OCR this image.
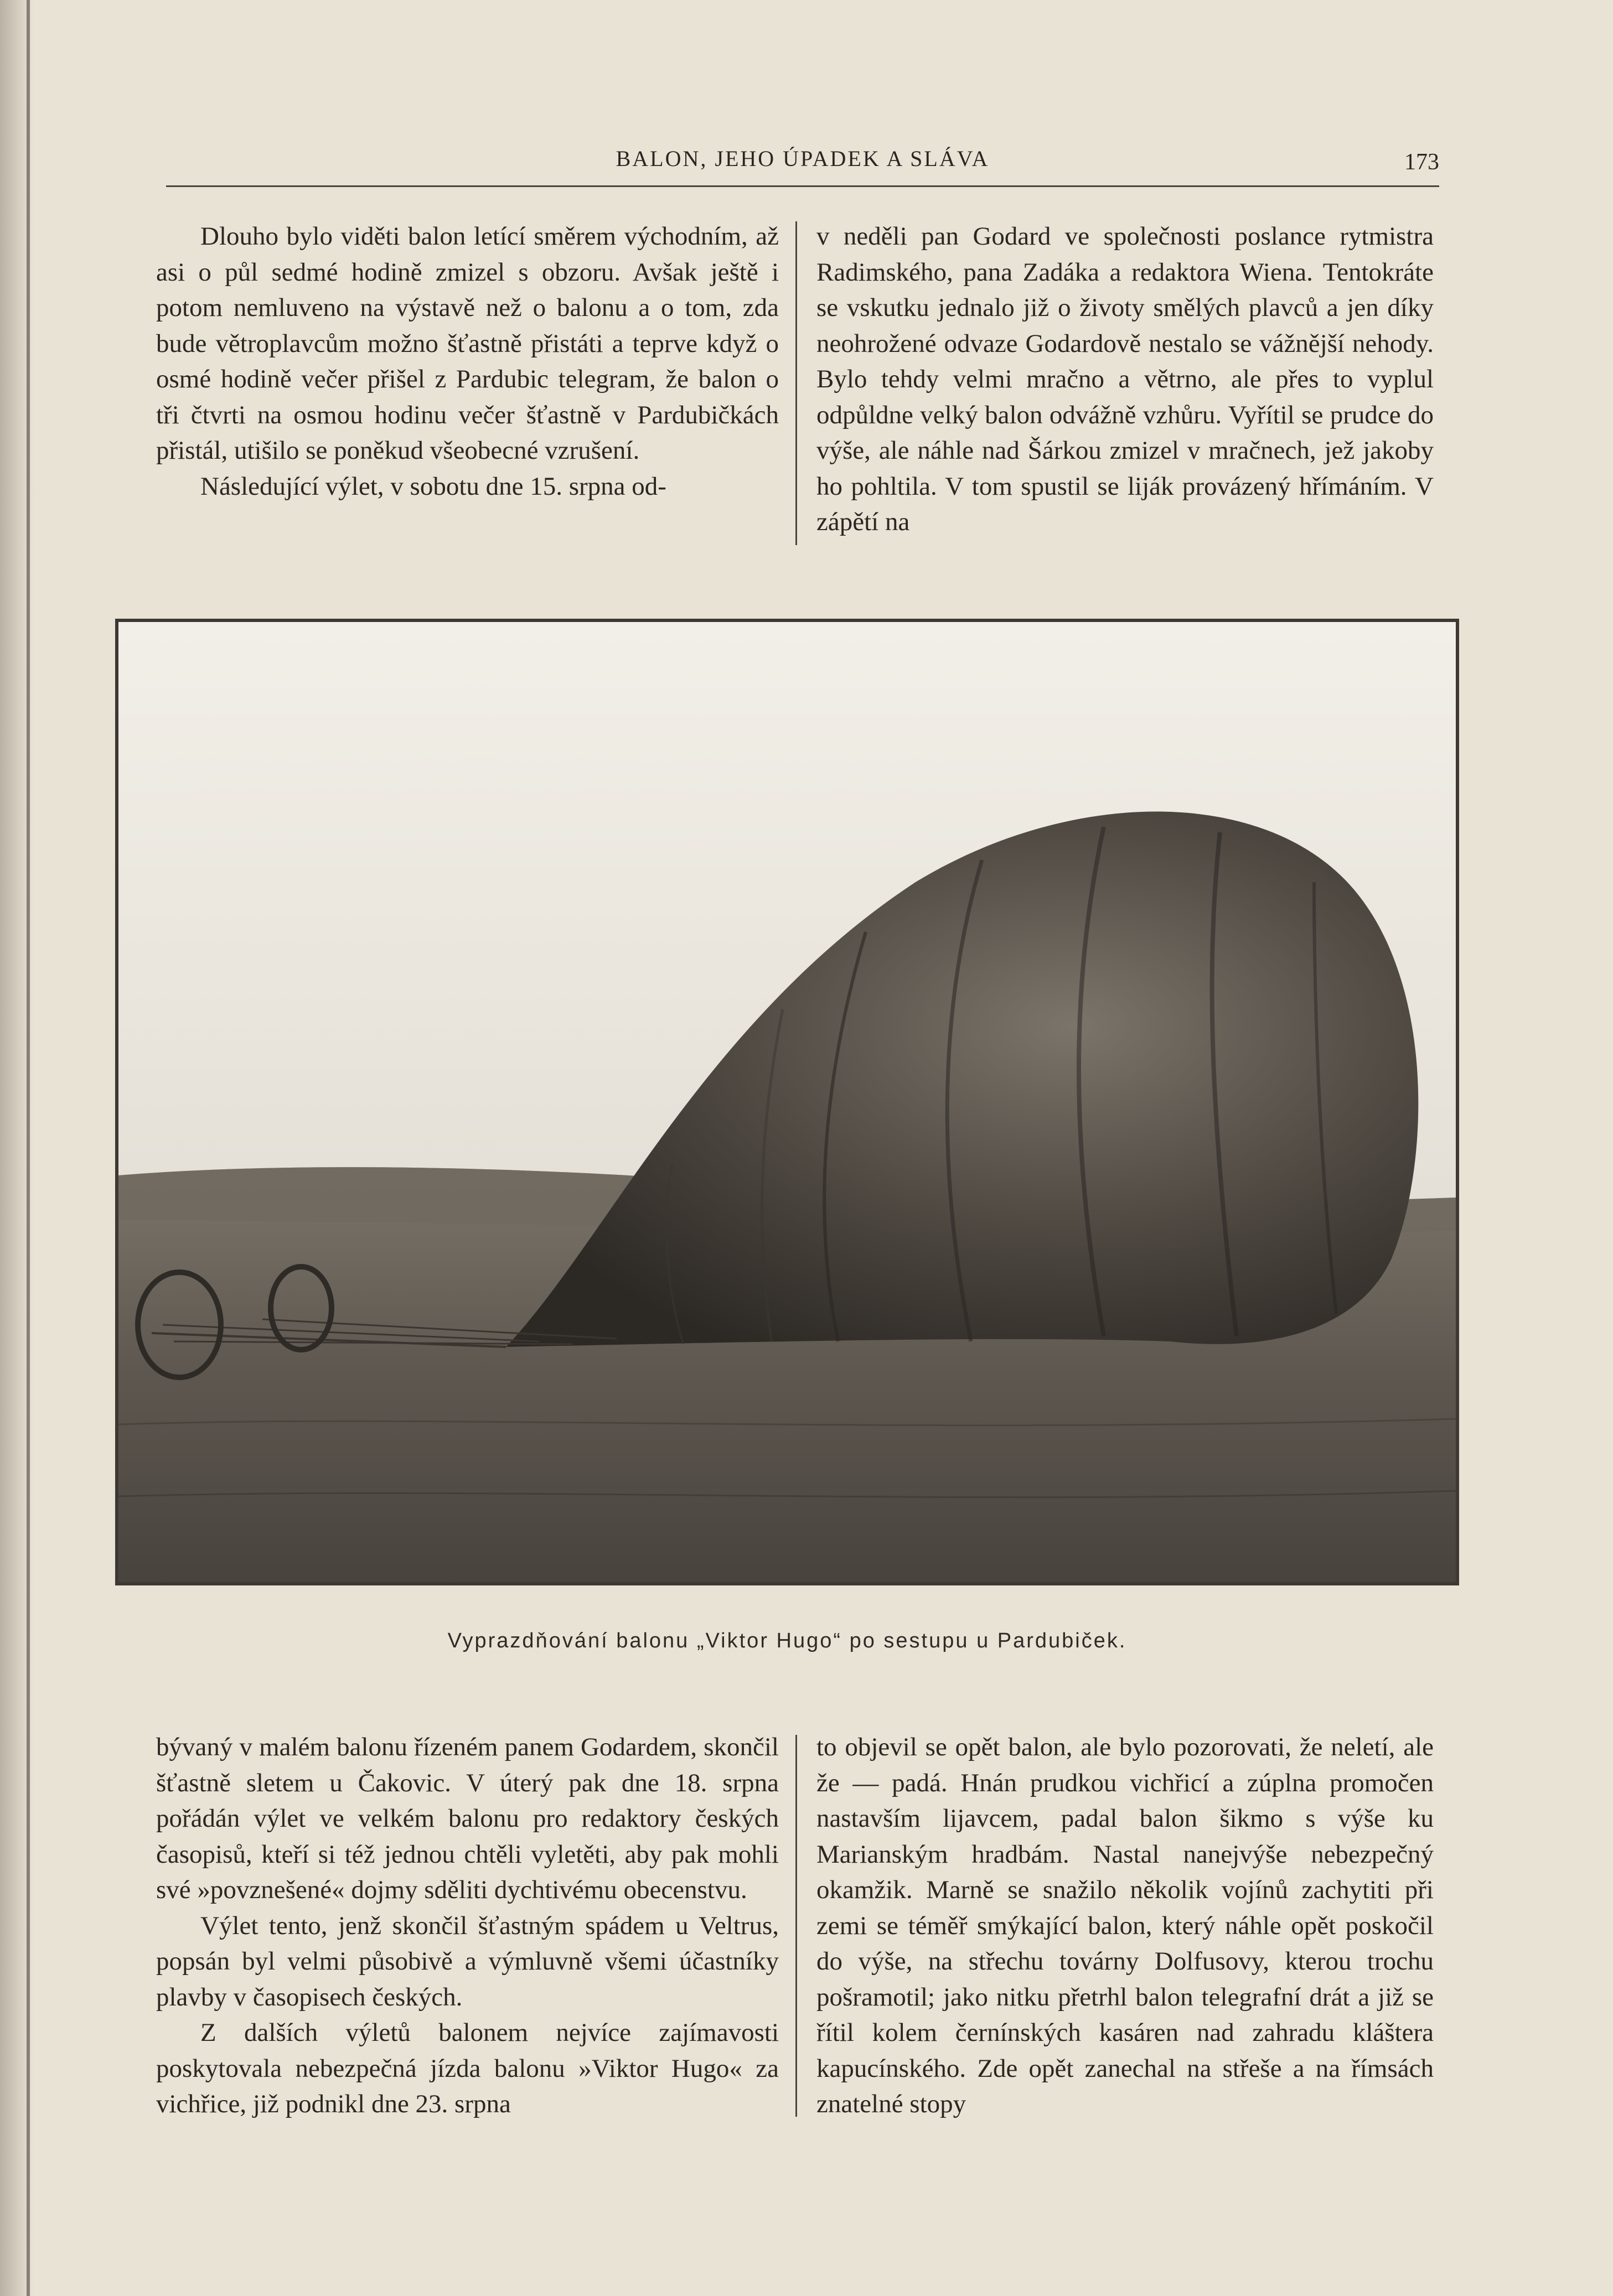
BALON, JEHO ÚPADEK A SLÁVA	173

Dlouho bylo viděti balon letící směrem východním, až asi o půl sedmé hodině zmizel s obzoru. Avšak ještě i potom nemluveno na výstavě než o balonu a o tom, zda bude větroplavcům možno šťastně přistáti a teprve když o osmé hodině večer přišel z Pardubic telegram, že balon o tři čtvrti na osmou hodinu večer šťastně v Pardubičkách přistál, utišilo se poněkud všeobecné vzrušení.

Následující výlet, v sobotu dne 15. srpna od-

v neděli pan Godard ve společnosti poslance rytmistra Radimského, pana Zadáka a redaktora Wiena. Tentokráte se vskutku jednalo již o životy smělých plavců a jen díky neohrožené odvaze Godardově nestalo se vážnější nehody. Bylo tehdy velmi mračno a větrno, ale přes to vyplul odpůldne velký balon odvážně vzhůru. Vyřítil se prudce do výše, ale náhle nad Šárkou zmizel v mračnech, jež jakoby ho pohltila. V tom spustil se liják provázený hřímáním. V zápětí na

Vyprazdňování balonu „Viktor Hugo“ po sestupu u Pardubiček.

bývaný v malém balonu řízeném panem Godardem, skončil šťastně sletem u Čakovic. V úterý pak dne 18. srpna pořádán výlet ve velkém balonu pro redaktory českých časopisů, kteří si též jednou chtěli vyletěti, aby pak mohli své »povznešené« dojmy sděliti dychtivému obecenstvu.

Výlet tento, jenž skončil šťastným spádem u Veltrus, popsán byl velmi působivě a výmluvně všemi účastníky plavby v časopisech českých.

Z dalších výletů balonem nejvíce zajímavosti poskytovala nebezpečná jízda balonu »Viktor Hugo« za vichřice, již podnikl dne 23. srpna

to objevil se opět balon, ale bylo pozorovati, že neletí, ale že — padá. Hnán prudkou vichřicí a zúplna promočen nastavším lijavcem, padal balon šikmo s výše ku Marianským hradbám. Nastal nanejvýše nebezpečný okamžik. Marně se snažilo několik vojínů zachytiti při zemi se téměř smýkající balon, který náhle opět poskočil do výše, na střechu továrny Dolfusovy, kterou trochu pošramotil; jako nitku přetrhl balon telegrafní drát a již se řítil kolem černínských kasáren nad zahradu kláštera kapucínského. Zde opět zanechal na střeše a na římsách znatelné stopy
